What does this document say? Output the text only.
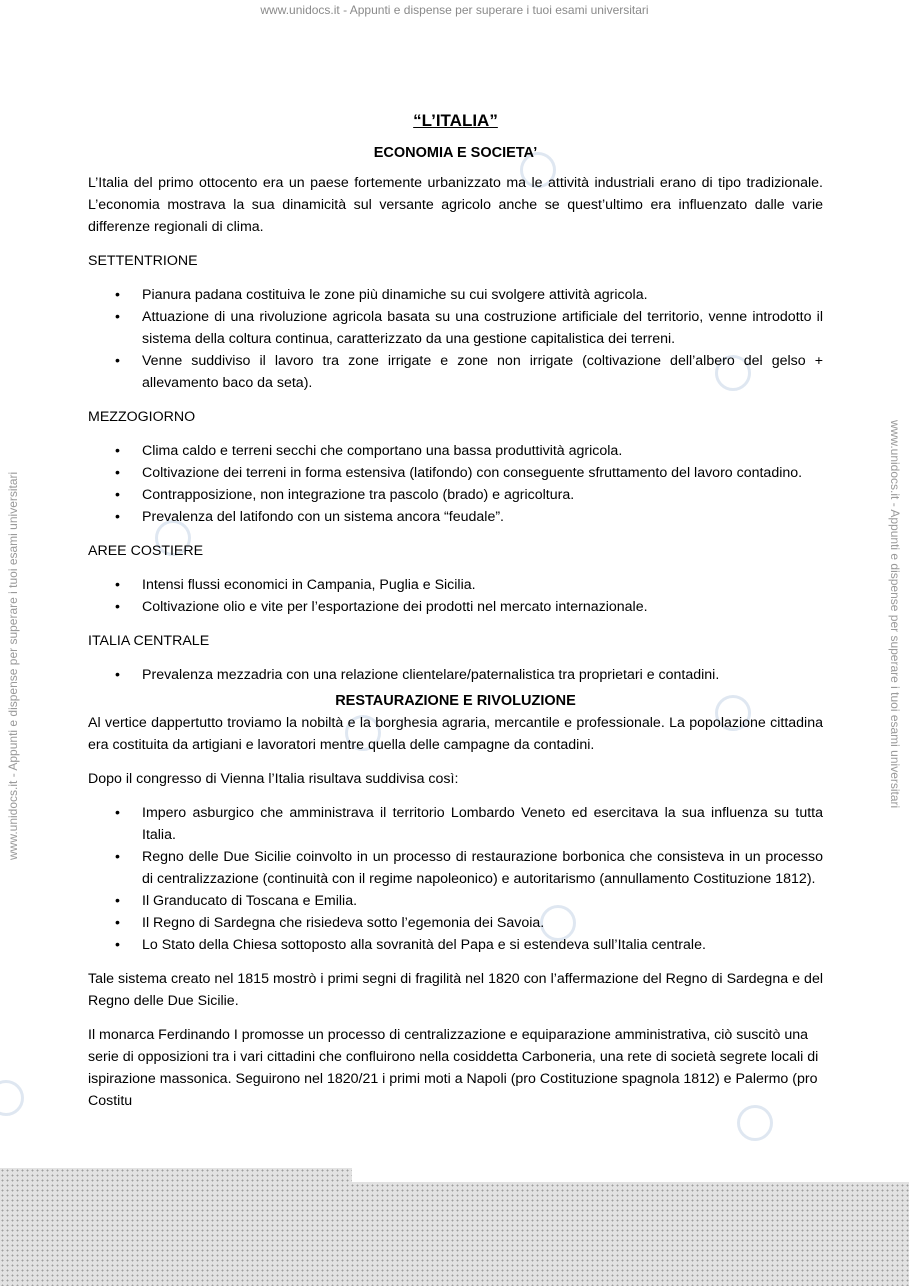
www.unidocs.it - Appunti e dispense per superare i tuoi esami universitari
www.unidocs.it - Appunti e dispense per superare i tuoi esami universitari	www.unidocs.it - Appunti e dispense per superare i tuoi esami universitari
“L’ITALIA”
ECONOMIA E SOCIETA’

L’Italia del primo ottocento era un paese fortemente urbanizzato ma le attività industriali erano di tipo tradizionale. L’economia mostrava la sua dinamicità sul versante agricolo anche se quest’ultimo era influenzato dalle varie differenze regionali di clima.

SETTENTRIONE
• Pianura padana costituiva le zone più dinamiche su cui svolgere attività agricola.
• Attuazione di una rivoluzione agricola basata su una costruzione artificiale del territorio, venne introdotto il sistema della coltura continua, caratterizzato da una gestione capitalistica dei terreni.
• Venne suddiviso il lavoro tra zone irrigate e zone non irrigate (coltivazione dell’albero del gelso + allevamento baco da seta).
MEZZOGIORNO
• Clima caldo e terreni secchi che comportano una bassa produttività agricola.
• Coltivazione dei terreni in forma estensiva (latifondo) con conseguente sfruttamento del lavoro contadino.
• Contrapposizione, non integrazione tra pascolo (brado) e agricoltura.
• Prevalenza del latifondo con un sistema ancora “feudale”.
AREE COSTIERE
• Intensi flussi economici in Campania, Puglia e Sicilia.
• Coltivazione olio e vite per l’esportazione dei prodotti nel mercato internazionale.
ITALIA CENTRALE
• Prevalenza mezzadria con una relazione clientelare/paternalistica tra proprietari e contadini.
RESTAURAZIONE E RIVOLUZIONE

Al vertice dappertutto troviamo la nobiltà e la borghesia agraria, mercantile e professionale. La popolazione cittadina era costituita da artigiani e lavoratori mentre quella delle campagne da contadini.

Dopo il congresso di Vienna l’Italia risultava suddivisa così:

• Impero asburgico che amministrava il territorio Lombardo Veneto ed esercitava la sua influenza su tutta Italia.
• Regno delle Due Sicilie coinvolto in un processo di restaurazione borbonica che consisteva in un processo di centralizzazione (continuità con il regime napoleonico) e autoritarismo (annullamento Costituzione 1812).
• Il Granducato di Toscana e Emilia.
• Il Regno di Sardegna che risiedeva sotto l’egemonia dei Savoia.
• Lo Stato della Chiesa sottoposto alla sovranità del Papa e si estendeva sull’Italia centrale.

Tale sistema creato nel 1815 mostrò i primi segni di fragilità nel 1820 con l’affermazione del Regno di Sardegna e del Regno delle Due Sicilie.

Il monarca Ferdinando I promosse un processo di centralizzazione e equiparazione amministrativa, ciò suscitò una serie di opposizioni tra i vari cittadini che confluirono nella cosiddetta Carboneria, una rete di società segrete locali di ispirazione massonica. Seguirono nel 1820/21 i primi moti a Napoli (pro Costituzione spagnola 1812) e Palermo (pro Costitu
